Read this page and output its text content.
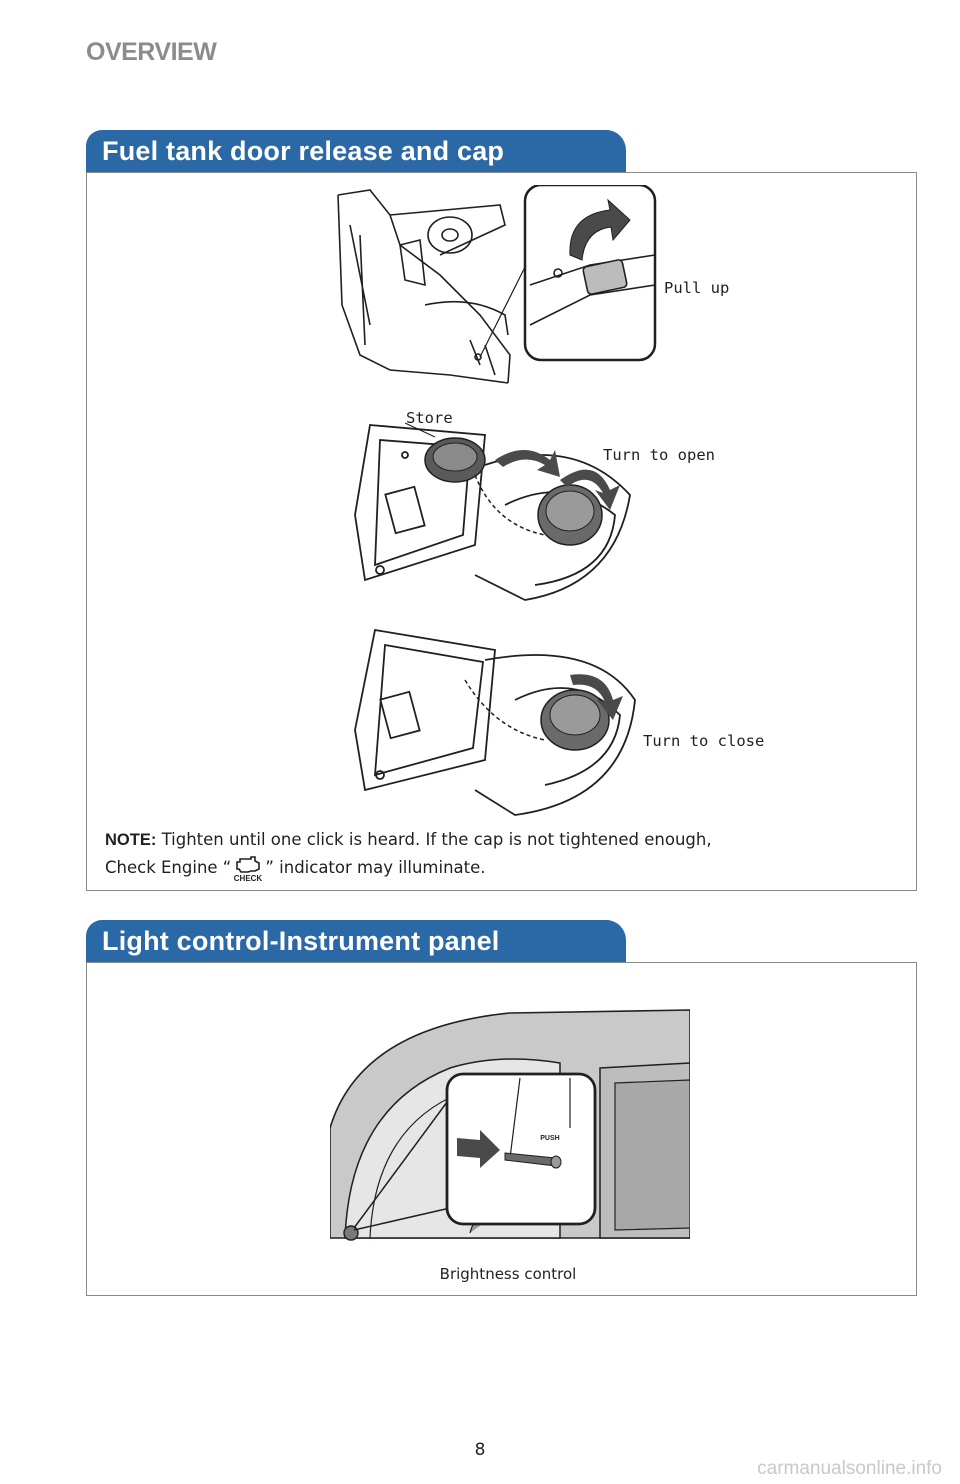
OVERVIEW
Fuel tank door release and cap
Pull up
Store
Turn to open
Turn to close
NOTE: Tighten until one click is heard. If the cap is not tightened enough,
Check Engine “
CHECK
” indicator may illuminate.
Light control-Instrument panel
PUSH
Brightness control
8
carmanualsonline.info
